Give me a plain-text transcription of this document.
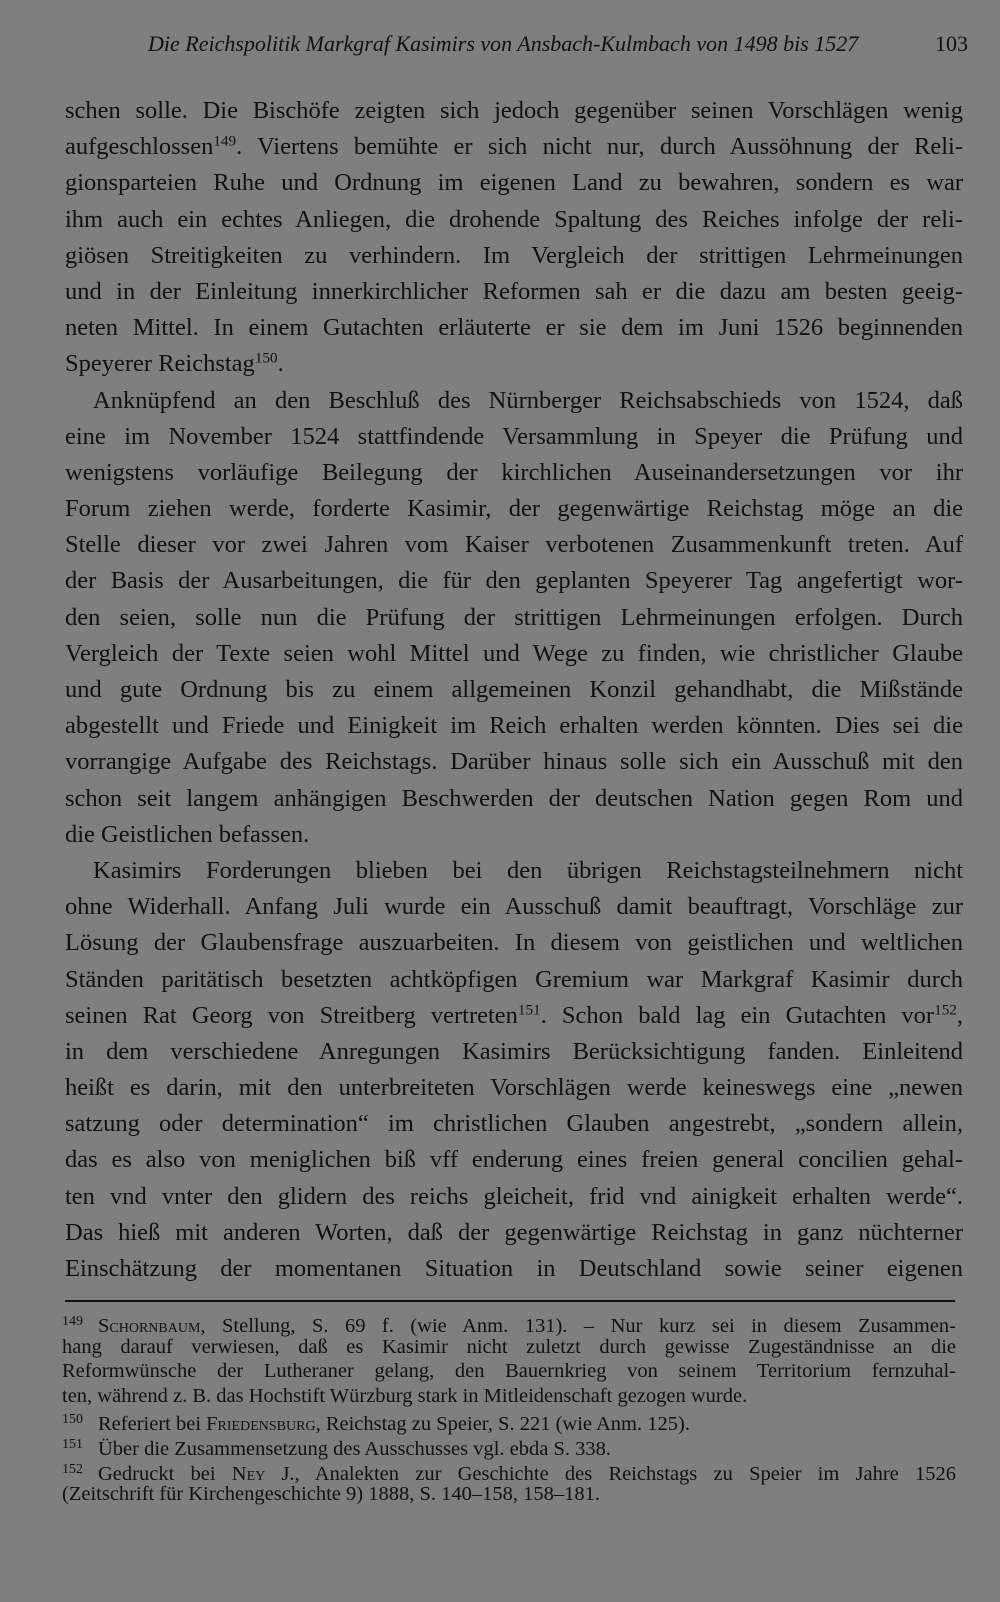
Die Reichspolitik Markgraf Kasimirs von Ansbach-Kulmbach von 1498 bis 1527	103
schen solle. Die Bischöfe zeigten sich jedoch gegenüber seinen Vorschlägen wenig
aufgeschlossen$^{149}$. Viertens bemühte er sich nicht nur, durch Aussöhnung der Reli-
gionsparteien Ruhe und Ordnung im eigenen Land zu bewahren, sondern es war
ihm auch ein echtes Anliegen, die drohende Spaltung des Reiches infolge der reli-
giösen Streitigkeiten zu verhindern. Im Vergleich der strittigen Lehrmeinungen
und in der Einleitung innerkirchlicher Reformen sah er die dazu am besten geeig-
neten Mittel. In einem Gutachten erläuterte er sie dem im Juni 1526 beginnenden
Speyerer Reichstag$^{150}$.
Anknüpfend an den Beschluß des Nürnberger Reichsabschieds von 1524, daß
eine im November 1524 stattfindende Versammlung in Speyer die Prüfung und
wenigstens vorläufige Beilegung der kirchlichen Auseinandersetzungen vor ihr
Forum ziehen werde, forderte Kasimir, der gegenwärtige Reichstag möge an die
Stelle dieser vor zwei Jahren vom Kaiser verbotenen Zusammenkunft treten. Auf
der Basis der Ausarbeitungen, die für den geplanten Speyerer Tag angefertigt wor-
den seien, solle nun die Prüfung der strittigen Lehrmeinungen erfolgen. Durch
Vergleich der Texte seien wohl Mittel und Wege zu finden, wie christlicher Glaube
und gute Ordnung bis zu einem allgemeinen Konzil gehandhabt, die Mißstände
abgestellt und Friede und Einigkeit im Reich erhalten werden könnten. Dies sei die
vorrangige Aufgabe des Reichstags. Darüber hinaus solle sich ein Ausschuß mit den
schon seit langem anhängigen Beschwerden der deutschen Nation gegen Rom und
die Geistlichen befassen.
Kasimirs Forderungen blieben bei den übrigen Reichstagsteilnehmern nicht
ohne Widerhall. Anfang Juli wurde ein Ausschuß damit beauftragt, Vorschläge zur
Lösung der Glaubensfrage auszuarbeiten. In diesem von geistlichen und weltlichen
Ständen paritätisch besetzten achtköpfigen Gremium war Markgraf Kasimir durch
seinen Rat Georg von Streitberg vertreten$^{151}$. Schon bald lag ein Gutachten vor$^{152}$,
in dem verschiedene Anregungen Kasimirs Berücksichtigung fanden. Einleitend
heißt es darin, mit den unterbreiteten Vorschlägen werde keineswegs eine „newen
satzung oder determination“ im christlichen Glauben angestrebt, „sondern allein,
das es also von meniglichen biß vff enderung eines freien general concilien gehal-
ten vnd vnter den glidern des reichs gleicheit, frid vnd ainigkeit erhalten werde“.
Das hieß mit anderen Worten, daß der gegenwärtige Reichstag in ganz nüchterner
Einschätzung der momentanen Situation in Deutschland sowie seiner eigenen
149 Schornbaum, Stellung, S. 69 f. (wie Anm. 131). – Nur kurz sei in diesem Zusammen-
hang darauf verwiesen, daß es Kasimir nicht zuletzt durch gewisse Zugeständnisse an die
Reformwünsche der Lutheraner gelang, den Bauernkrieg von seinem Territorium fernzuhal-
ten, während z. B. das Hochstift Würzburg stark in Mitleidenschaft gezogen wurde.
150 Referiert bei Friedensburg, Reichstag zu Speier, S. 221 (wie Anm. 125).
151 Über die Zusammensetzung des Ausschusses vgl. ebda S. 338.
152 Gedruckt bei Ney J., Analekten zur Geschichte des Reichstags zu Speier im Jahre 1526
(Zeitschrift für Kirchengeschichte 9) 1888, S. 140–158, 158–181.
